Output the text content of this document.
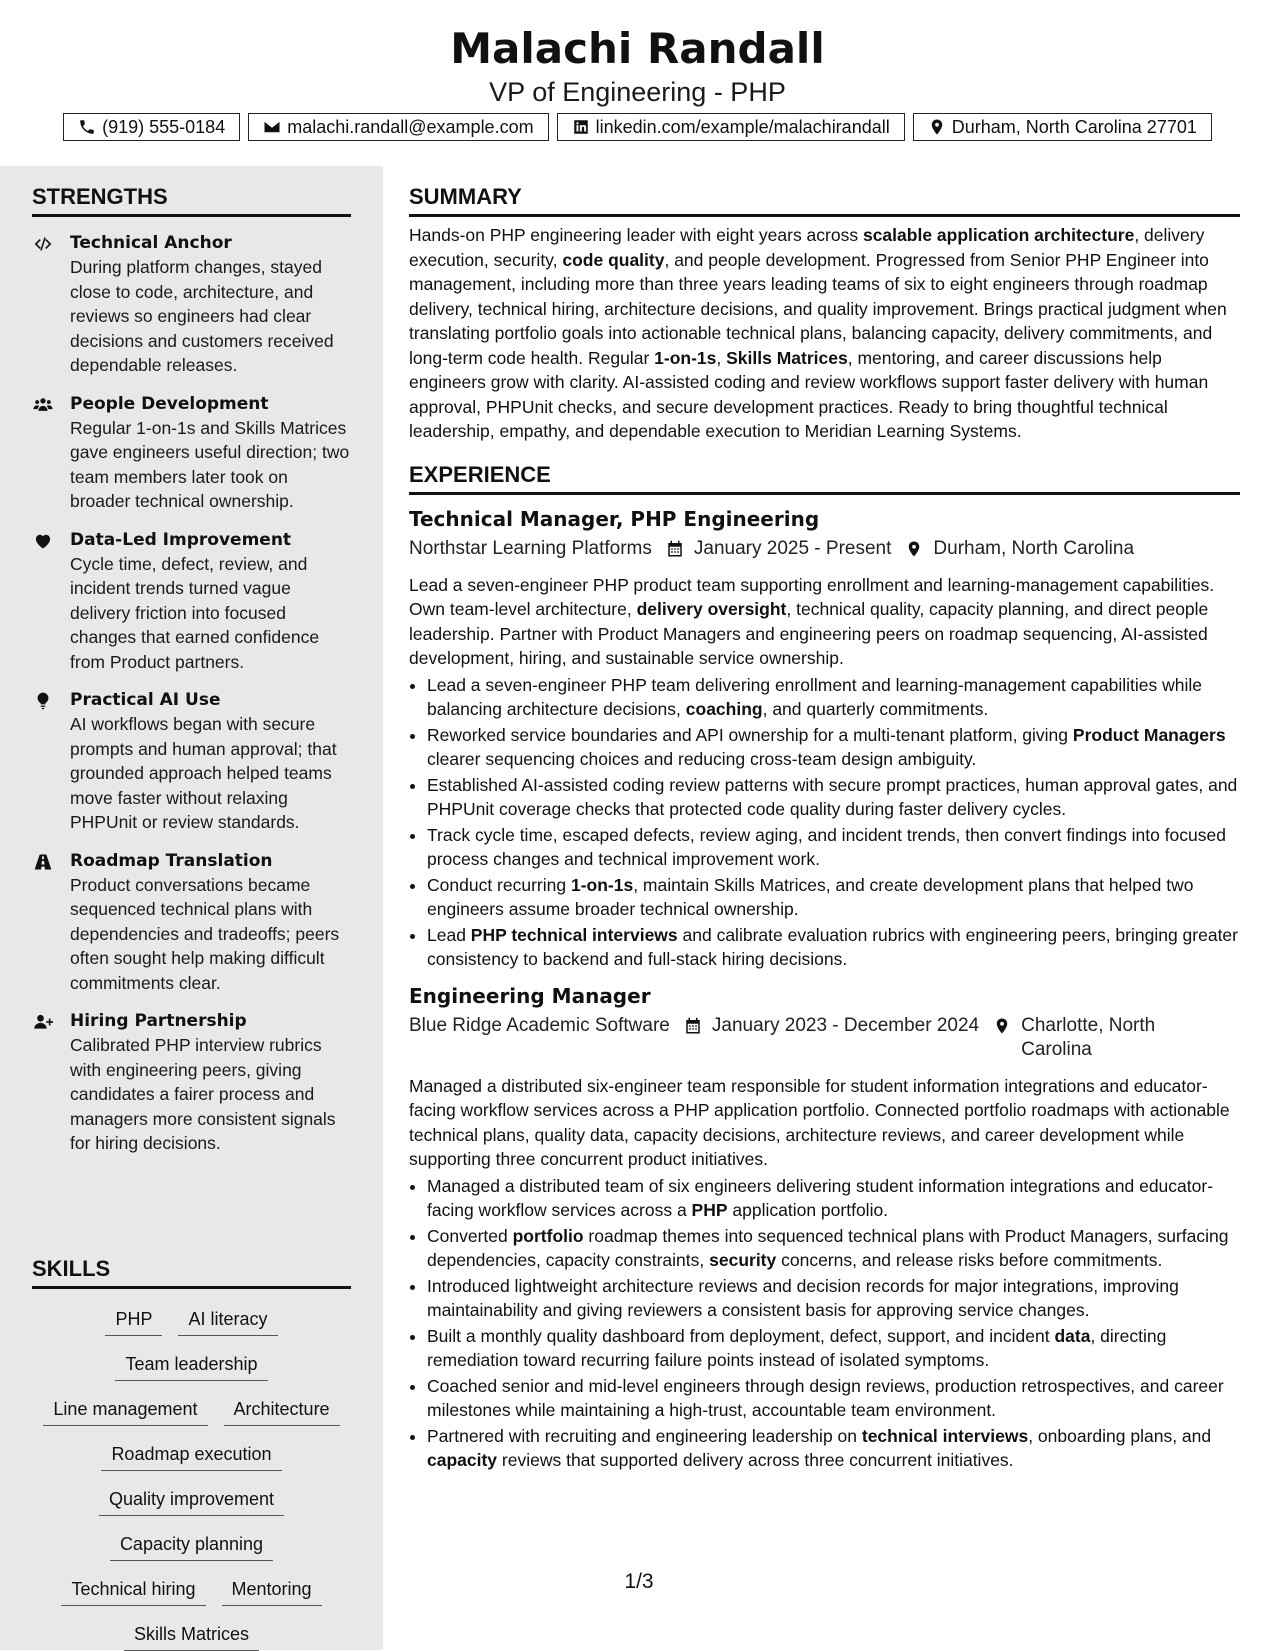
Malachi Randall
VP of Engineering - PHP
(919) 555-0184	malachi.randall@example.com	linkedin.com/example/malachirandall	Durham, North Carolina 27701
STRENGTHS
Technical Anchor
During platform changes, stayed close to code, architecture, and reviews so engineers had clear decisions and customers received dependable releases.
People Development
Regular 1-on-1s and Skills Matrices gave engineers useful direction; two team members later took on broader technical ownership.
Data-Led Improvement
Cycle time, defect, review, and incident trends turned vague delivery friction into focused changes that earned confidence from Product partners.
Practical AI Use
AI workflows began with secure prompts and human approval; that grounded approach helped teams move faster without relaxing PHPUnit or review standards.
Roadmap Translation
Product conversations became sequenced technical plans with dependencies and tradeoffs; peers often sought help making difficult commitments clear.
Hiring Partnership
Calibrated PHP interview rubrics with engineering peers, giving candidates a fairer process and managers more consistent signals for hiring decisions.
SKILLS
PHP	AI literacy
Team leadership
Line management	Architecture
Roadmap execution
Quality improvement
Capacity planning
Technical hiring	Mentoring
Skills Matrices
SUMMARY
Hands-on PHP engineering leader with eight years across scalable application architecture, delivery execution, security, code quality, and people development. Progressed from Senior PHP Engineer into management, including more than three years leading teams of six to eight engineers through roadmap delivery, technical hiring, architecture decisions, and quality improvement. Brings practical judgment when translating portfolio goals into actionable technical plans, balancing capacity, delivery commitments, and long-term code health. Regular 1-on-1s, Skills Matrices, mentoring, and career discussions help engineers grow with clarity. AI-assisted coding and review workflows support faster delivery with human approval, PHPUnit checks, and secure development practices. Ready to bring thoughtful technical leadership, empathy, and dependable execution to Meridian Learning Systems.
EXPERIENCE
Technical Manager, PHP Engineering
Northstar Learning Platforms January 2025 - Present Durham, North Carolina
Lead a seven-engineer PHP product team supporting enrollment and learning-management capabilities. Own team-level architecture, delivery oversight, technical quality, capacity planning, and direct people leadership. Partner with Product Managers and engineering peers on roadmap sequencing, AI-assisted development, hiring, and sustainable service ownership.
• Lead a seven-engineer PHP team delivering enrollment and learning-management capabilities while balancing architecture decisions, coaching, and quarterly commitments.
• Reworked service boundaries and API ownership for a multi-tenant platform, giving Product Managers clearer sequencing choices and reducing cross-team design ambiguity.
• Established AI-assisted coding review patterns with secure prompt practices, human approval gates, and PHPUnit coverage checks that protected code quality during faster delivery cycles.
• Track cycle time, escaped defects, review aging, and incident trends, then convert findings into focused process changes and technical improvement work.
• Conduct recurring 1-on-1s, maintain Skills Matrices, and create development plans that helped two engineers assume broader technical ownership.
• Lead PHP technical interviews and calibrate evaluation rubrics with engineering peers, bringing greater consistency to backend and full-stack hiring decisions.
Engineering Manager
Blue Ridge Academic Software January 2023 - December 2024 Charlotte, North Carolina
Managed a distributed six-engineer team responsible for student information integrations and educator-facing workflow services across a PHP application portfolio. Connected portfolio roadmaps with actionable technical plans, quality data, capacity decisions, architecture reviews, and career development while supporting three concurrent product initiatives.
• Managed a distributed team of six engineers delivering student information integrations and educator-facing workflow services across a PHP application portfolio.
• Converted portfolio roadmap themes into sequenced technical plans with Product Managers, surfacing dependencies, capacity constraints, security concerns, and release risks before commitments.
• Introduced lightweight architecture reviews and decision records for major integrations, improving maintainability and giving reviewers a consistent basis for approving service changes.
• Built a monthly quality dashboard from deployment, defect, support, and incident data, directing remediation toward recurring failure points instead of isolated symptoms.
• Coached senior and mid-level engineers through design reviews, production retrospectives, and career milestones while maintaining a high-trust, accountable team environment.
• Partnered with recruiting and engineering leadership on technical interviews, onboarding plans, and capacity reviews that supported delivery across three concurrent initiatives.
1/3
